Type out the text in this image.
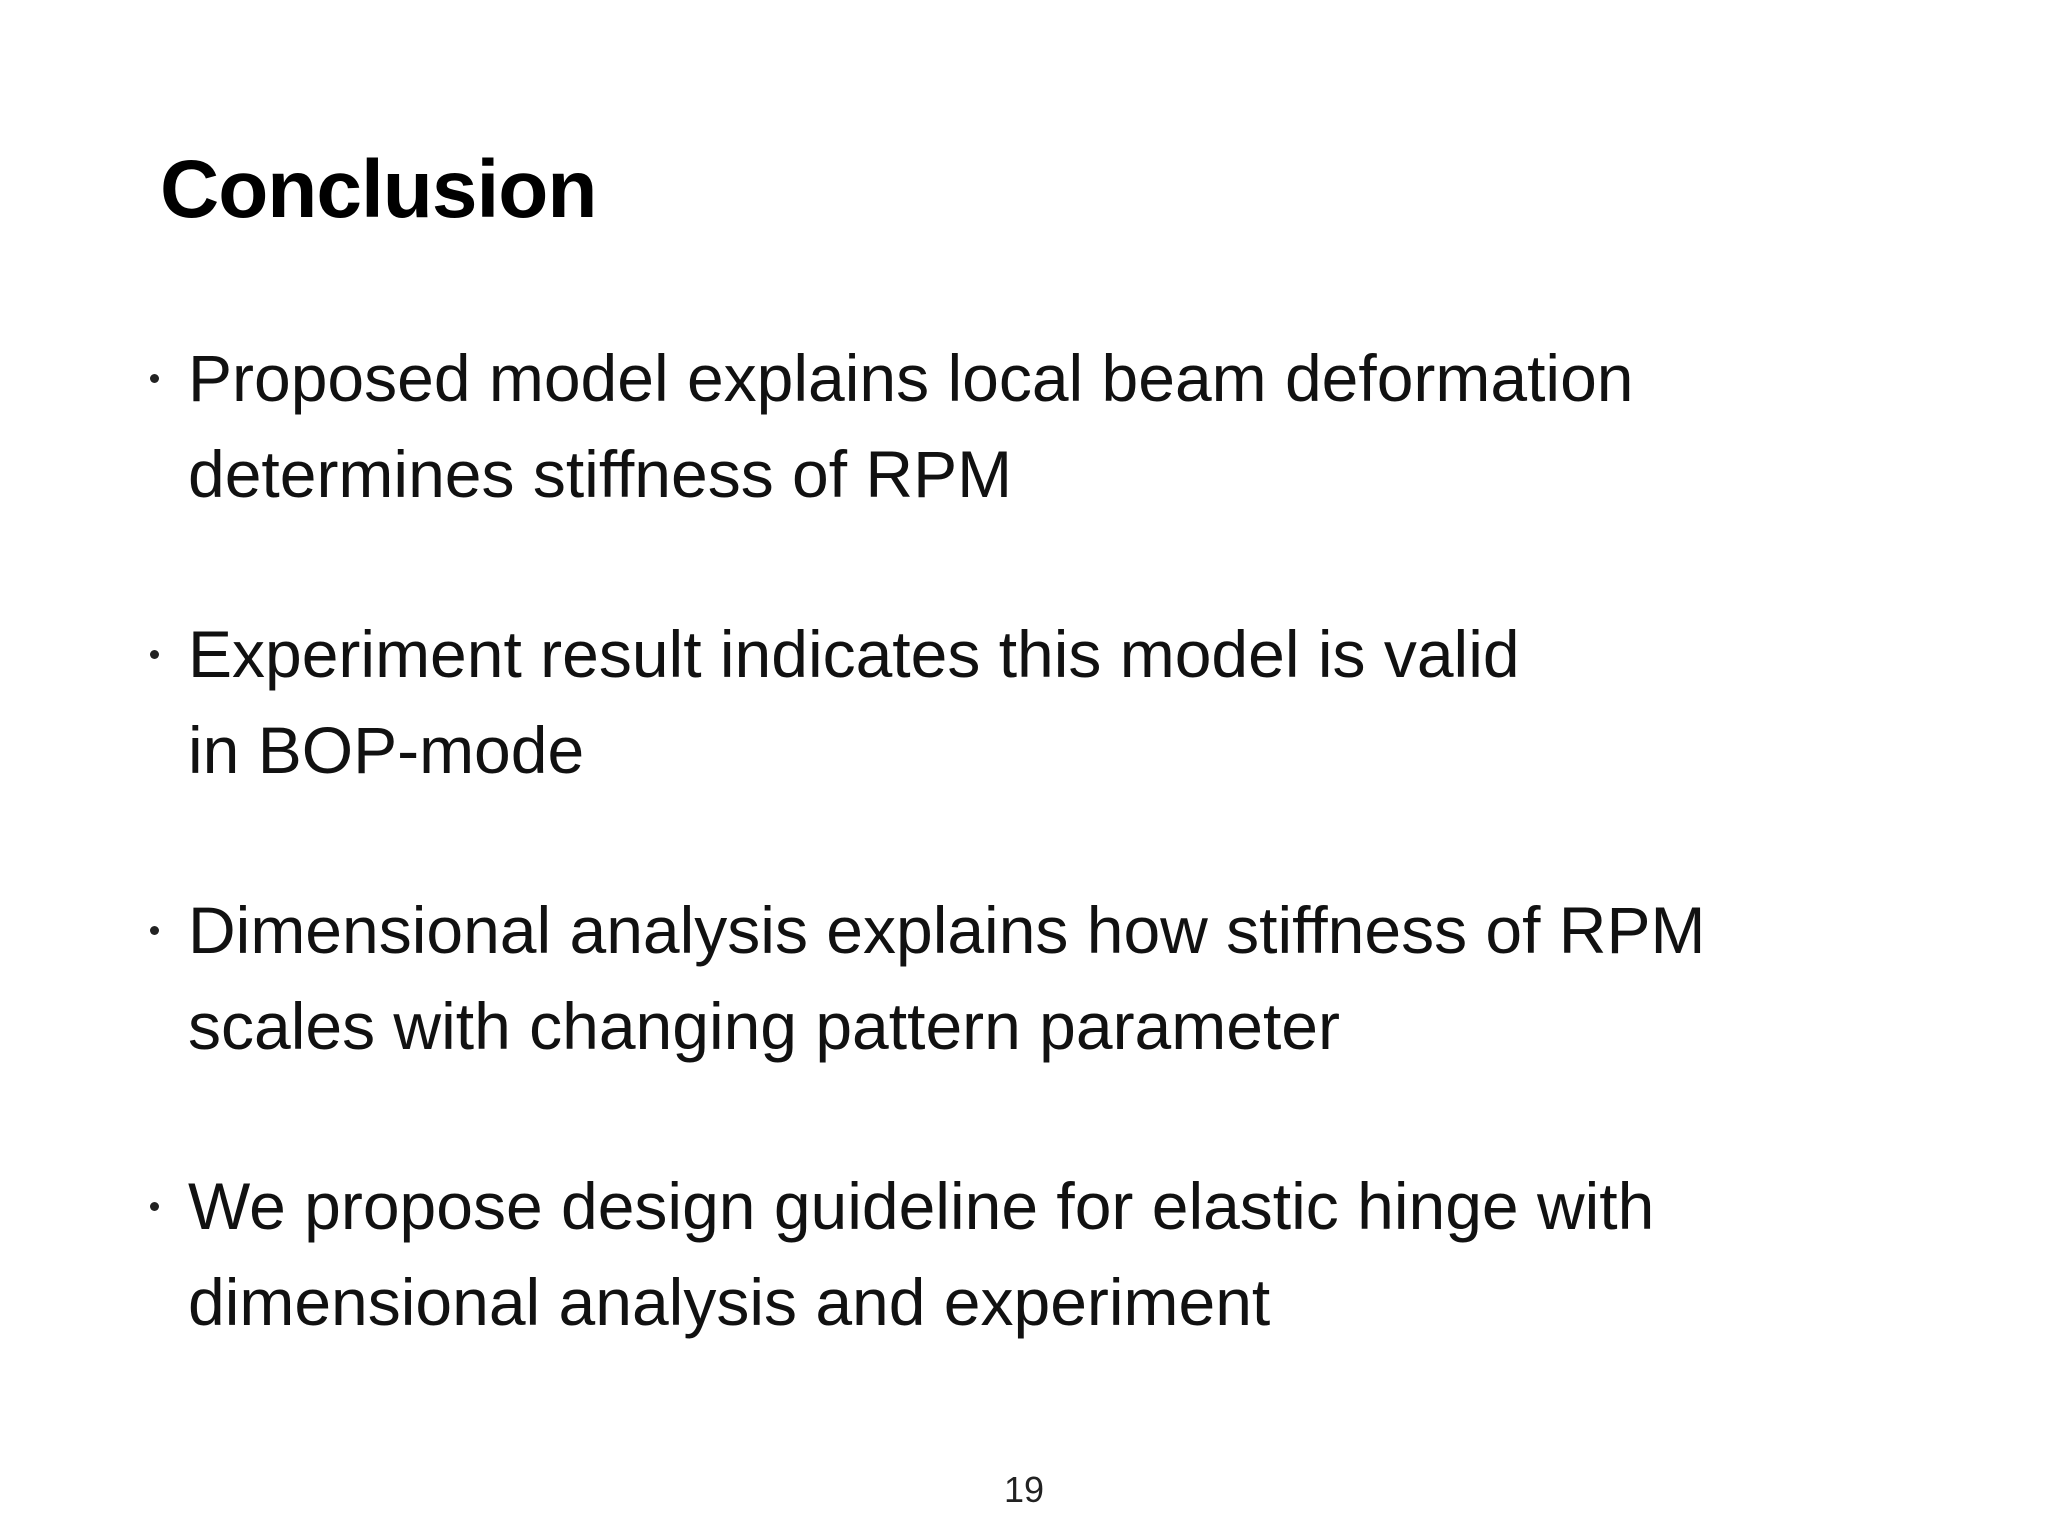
Conclusion
Proposed model explains local beam deformation
determines stiffness of RPM
Experiment result indicates this model is valid
in BOP-mode
Dimensional analysis explains how stiffness of RPM
scales with changing pattern parameter
We propose design guideline for elastic hinge with
dimensional analysis and experiment
19
